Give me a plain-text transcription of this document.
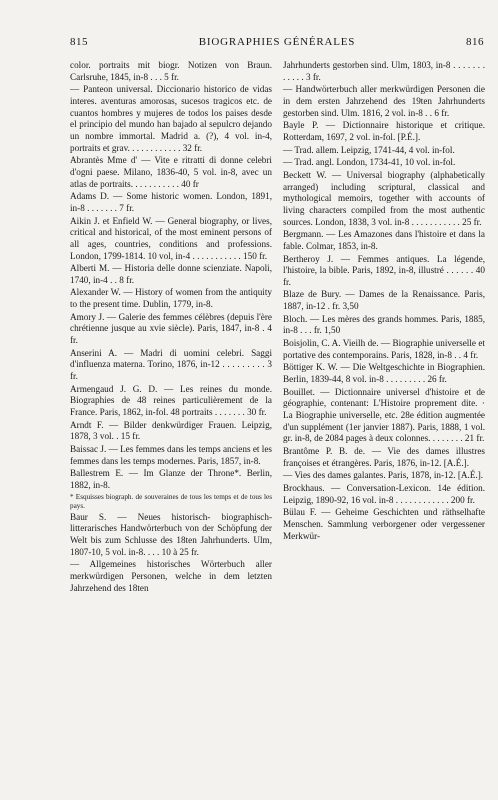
815	BIOGRAPHIES GÉNÉRALES	816

color. portraits mit biogr. Notizen von Braun. Carlsruhe, 1845, in-8 . . . 5 fr.

— Panteon universal. Diccionario historico de vidas interes. aventuras amorosas, sucesos tragicos etc. de cuantos hombres y mujeres de todos los paises desde el principio del mundo han bajado al sepulcro dejando un nombre immortal. Madrid a. (?), 4 vol. in-4, portraits et grav. . . . . . . . . . . . 32 fr.

Abrantès Mme d' — Vite e ritratti di donne celebri d'ogni paese. Milano, 1836-40, 5 vol. in-8, avec un atlas de portraits. . . . . . . . . . . 40 fr

Adams D. — Some historic women. London, 1891, in-8 . . . . . . . 7 fr.

Aikin J. et Enfield W. — General biography, or lives, critical and historical, of the most eminent persons of all ages, countries, conditions and professions. London, 1799-1814. 10 vol, in-4 . . . . . . . . . . . 150 fr.

Alberti M. — Historia delle donne scienziate. Napoli, 1740, in-4 . . 8 fr.

Alexander W. — History of women from the antiquity to the present time. Dublin, 1779, in-8.

Amory J. — Galerie des femmes célèbres (depuis l'ère chrétienne jusque au xvie siècle). Paris, 1847, in-8 . 4 fr.

Anserini A. — Madri di uomini celebri. Saggi d'influenza materna. Torino, 1876, in-12 . . . . . . . . . 3 fr.

Armengaud J. G. D. — Les reines du monde. Biographies de 48 reines particulièrement de la France. Paris, 1862, in-fol. 48 portraits . . . . . . . 30 fr.

Arndt F. — Bilder denkwürdiger Frauen. Leipzig, 1878, 3 vol. . 15 fr.

Baissac J. — Les femmes dans les temps anciens et les femmes dans les temps modernes. Paris, 1857, in-8.

Ballestrem E. — Im Glanze der Throne*. Berlin, 1882, in-8.

* Esquisses biograph. de souveraines de tous les temps et de tous les pays.

Baur S. — Neues historisch- biographisch- litterarisches Handwörterbuch von der Schöpfung der Welt bis zum Schlusse des 18ten Jahrhunderts. Ulm, 1807-10, 5 vol. in-8. . . . 10 à 25 fr.

— Allgemeines historisches Wörterbuch aller merkwürdigen Personen, welche in dem letzten Jahrzehend des 18ten

Jahrhunderts gestorben sind. Ulm, 1803, in-8 . . . . . . . . . . . . 3 fr.

— Handwörterbuch aller merkwürdigen Personen die in dem ersten Jahrzehend des 19ten Jahrhunderts gestorben sind. Ulm. 1816, 2 vol. in-8 . . 6 fr.

Bayle P. — Dictionnaire historique et critique. Rotterdam, 1697, 2 vol. in-fol. [P.É.].

— Trad. allem. Leipzig, 1741-44, 4 vol. in-fol.

— Trad. angl. London, 1734-41, 10 vol. in-fol.

Beckett W. — Universal biography (alphabetically arranged) including scriptural, classical and mythological memoirs, together with accounts of living characters compiled from the most authentic sources. London, 1838, 3 vol. in-8 . . . . . . . . . . . 25 fr.

Bergmann. — Les Amazones dans l'histoire et dans la fable. Colmar, 1853, in-8.

Bertheroy J. — Femmes antiques. La légende, l'histoire, la bible. Paris, 1892, in-8, illustré . . . . . . 40 fr.

Blaze de Bury. — Dames de la Renaissance. Paris, 1887, in-12 . fr. 3,50

Bloch. — Les mères des grands hommes. Paris, 1885, in-8 . . . fr. 1,50

Boisjolin, C. A. Vieilh de. — Biographie universelle et portative des contemporains. Paris, 1828, in-8 . . 4 fr.

Böttiger K. W. — Die Weltgeschichte in Biographien. Berlin, 1839-44, 8 vol. in-8 . . . . . . . . . 26 fr.

Bouillet. — Dictionnaire universel d'histoire et de géographie, contenant: L'Histoire proprement dite. · La Biographie universelle, etc. 28e édition augmentée d'un supplément (1er janvier 1887). Paris, 1888, 1 vol. gr. in-8, de 2084 pages à deux colonnes. . . . . . . . 21 fr.

Brantôme P. B. de. — Vie des dames illustres françoises et étrangères. Paris, 1876, in-12. [A.É.].

— Vies des dames galantes. Paris, 1878, in-12. [A.É.].

Brockhaus. — Conversation-Lexicon. 14e édition. Leipzig, 1890-92, 16 vol. in-8 . . . . . . . . . . . . 200 fr.

Bülau F. — Geheime Geschichten und räthselhafte Menschen. Sammlung verborgener oder vergessener Merkwür-
